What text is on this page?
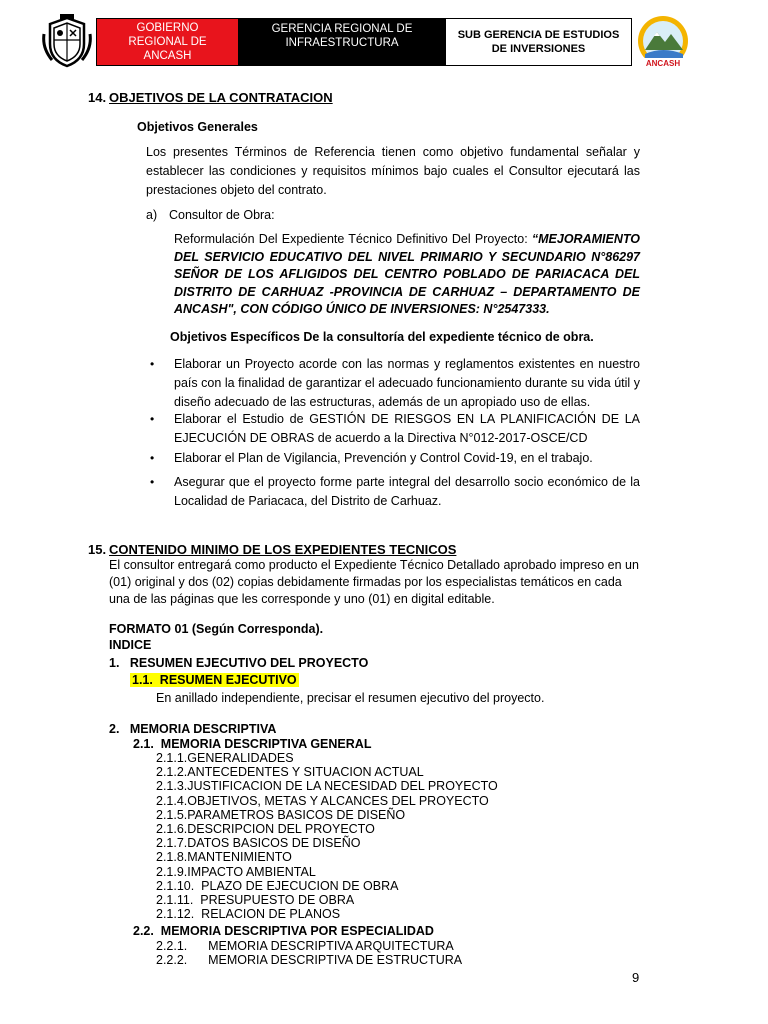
GOBIERNO REGIONAL DE ANCASH
GERENCIA REGIONAL DE INFRAESTRUCTURA
SUB GERENCIA DE ESTUDIOS DE INVERSIONES
ANCASH
14. OBJETIVOS DE LA CONTRATACION
Objetivos Generales
Los presentes Términos de Referencia tienen como objetivo fundamental señalar y establecer las condiciones y requisitos mínimos bajo cuales el Consultor ejecutará las prestaciones objeto del contrato.
a) Consultor de Obra:
Reformulación Del Expediente Técnico Definitivo Del Proyecto: “MEJORAMIENTO DEL SERVICIO EDUCATIVO DEL NIVEL PRIMARIO Y SECUNDARIO N°86297 SEÑOR DE LOS AFLIGIDOS DEL CENTRO POBLADO DE PARIACACA DEL DISTRITO DE CARHUAZ -PROVINCIA DE CARHUAZ – DEPARTAMENTO DE ANCASH", CON CÓDIGO ÚNICO DE INVERSIONES: N°2547333.
Objetivos Específicos De la consultoría del expediente técnico de obra.
• Elaborar un Proyecto acorde con las normas y reglamentos existentes en nuestro país con la finalidad de garantizar el adecuado funcionamiento durante su vida útil y diseño adecuado de las estructuras, además de un apropiado uso de ellas.
• Elaborar el Estudio de GESTIÓN DE RIESGOS EN LA PLANIFICACIÓN DE LA EJECUCIÓN DE OBRAS de acuerdo a la Directiva N°012-2017-OSCE/CD
• Elaborar el Plan de Vigilancia, Prevención y Control Covid-19, en el trabajo.
• Asegurar que el proyecto forme parte integral del desarrollo socio económico de la Localidad de Pariacaca, del Distrito de Carhuaz.
15. CONTENIDO MINIMO DE LOS EXPEDIENTES TECNICOS
El consultor entregará como producto el Expediente Técnico Detallado aprobado impreso en un (01) original y dos (02) copias debidamente firmadas por los especialistas temáticos en cada una de las páginas que les corresponde y uno (01) en digital editable.
FORMATO 01 (Según Corresponda).
INDICE
1.   RESUMEN EJECUTIVO DEL PROYECTO
1.1.  RESUMEN EJECUTIVO
En anillado independiente, precisar el resumen ejecutivo del proyecto.
2.   MEMORIA DESCRIPTIVA
2.1.  MEMORIA DESCRIPTIVA GENERAL
2.1.1.GENERALIDADES
2.1.2.ANTECEDENTES Y SITUACION ACTUAL
2.1.3.JUSTIFICACION DE LA NECESIDAD DEL PROYECTO
2.1.4.OBJETIVOS, METAS Y ALCANCES DEL PROYECTO
2.1.5.PARAMETROS BASICOS DE DISEÑO
2.1.6.DESCRIPCION DEL PROYECTO
2.1.7.DATOS BASICOS DE DISEÑO
2.1.8.MANTENIMIENTO
2.1.9.IMPACTO AMBIENTAL
2.1.10.  PLAZO DE EJECUCION DE OBRA
2.1.11.  PRESUPUESTO DE OBRA
2.1.12.  RELACION DE PLANOS
2.2.  MEMORIA DESCRIPTIVA POR ESPECIALIDAD
2.2.1.      MEMORIA DESCRIPTIVA ARQUITECTURA
2.2.2.      MEMORIA DESCRIPTIVA DE ESTRUCTURA
9
